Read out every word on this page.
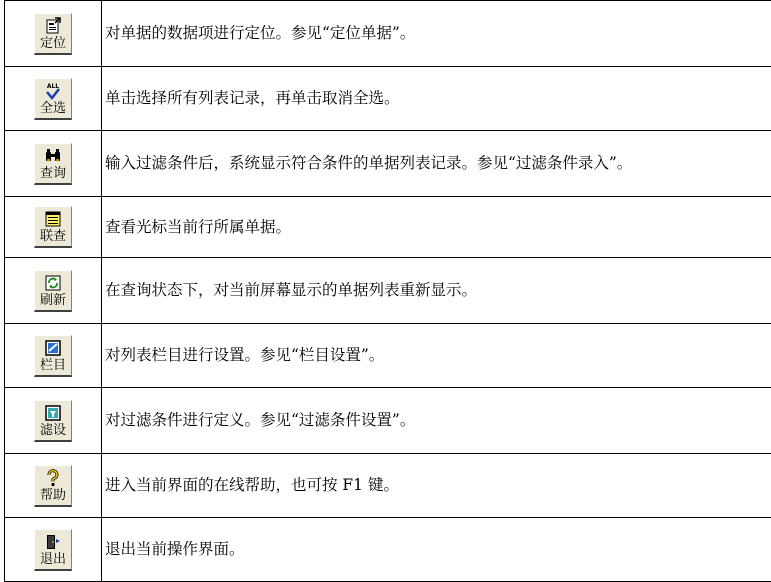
定位	对单据的数据项进行定位。参见“定位单据”。

ALL
全选	单击选择所有列表记录，再单击取消全选。

查询	输入过滤条件后，系统显示符合条件的单据列表记录。参见“过滤条件录入”。

联查	查看光标当前行所属单据。

刷新	在查询状态下，对当前屏幕显示的单据列表重新显示。

栏目	对列表栏目进行设置。参见“栏目设置”。

滤设	对过滤条件进行定义。参见“过滤条件设置”。

帮助	进入当前界面的在线帮助，也可按 F1 键。

退出	退出当前操作界面。
